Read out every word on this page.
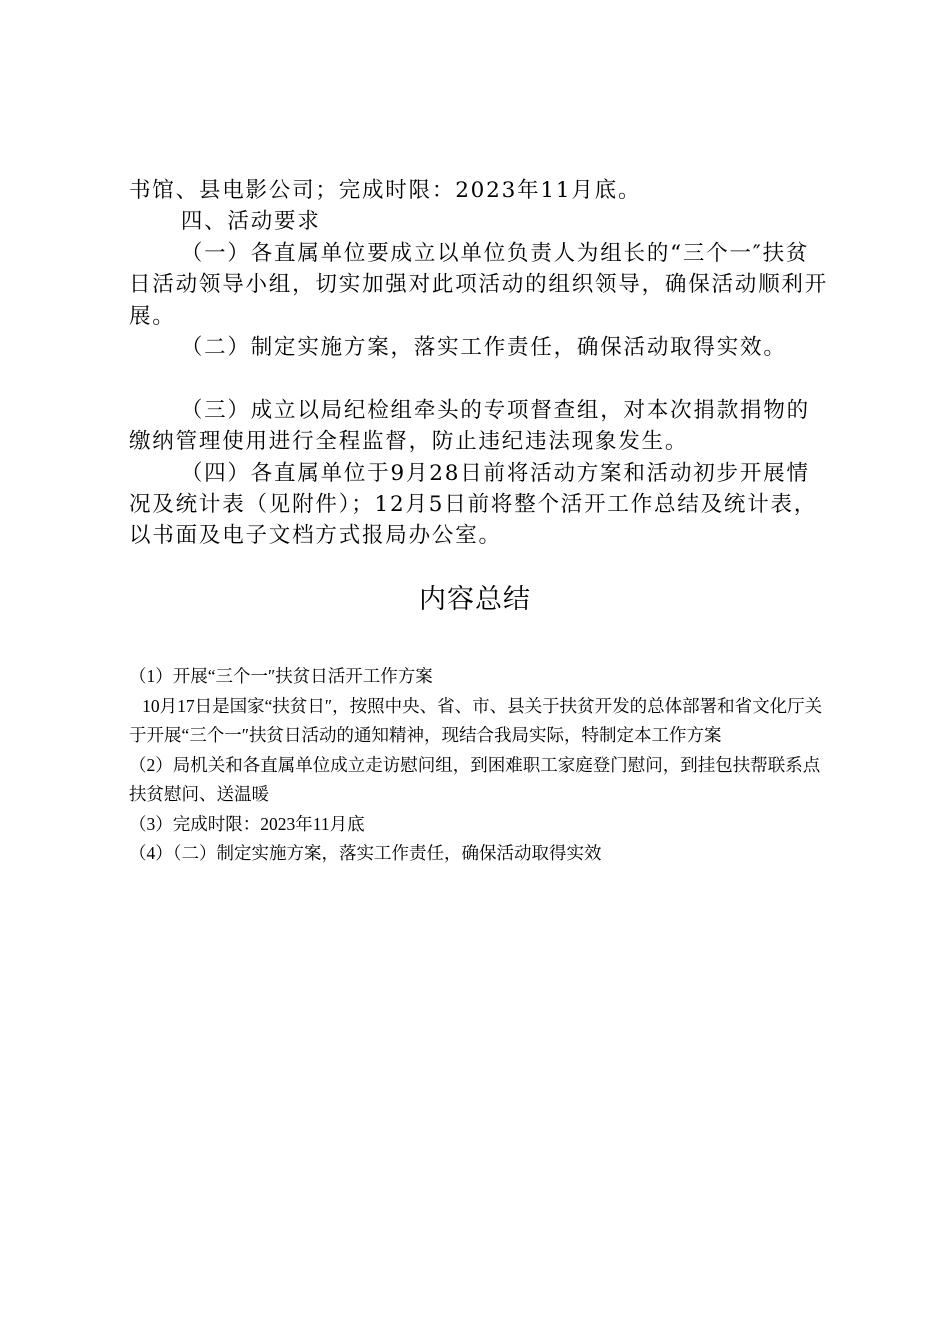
书馆、县电影公司；完成时限：2023年11月底。

四、活动要求

（一）各直属单位要成立以单位负责人为组长的“三个一″扶贫日活动领导小组，切实加强对此项活动的组织领导，确保活动顺利开展。

（二）制定实施方案，落实工作责任，确保活动取得实效。

（三）成立以局纪检组牵头的专项督查组，对本次捐款捐物的缴纳管理使用进行全程监督，防止违纪违法现象发生。

（四）各直属单位于9月28日前将活动方案和活动初步开展情况及统计表（见附件）；12月5日前将整个活开工作总结及统计表，以书面及电子文档方式报局办公室。

内容总结

（1）开展“三个一″扶贫日活开工作方案

10月17日是国家“扶贫日″，按照中央、省、市、县关于扶贫开发的总体部署和省文化厅关于开展“三个一″扶贫日活动的通知精神，现结合我局实际，特制定本工作方案

（2）局机关和各直属单位成立走访慰问组，到困难职工家庭登门慰问，到挂包扶帮联系点扶贫慰问、送温暖

（3）完成时限：2023年11月底

（4）（二）制定实施方案，落实工作责任，确保活动取得实效
